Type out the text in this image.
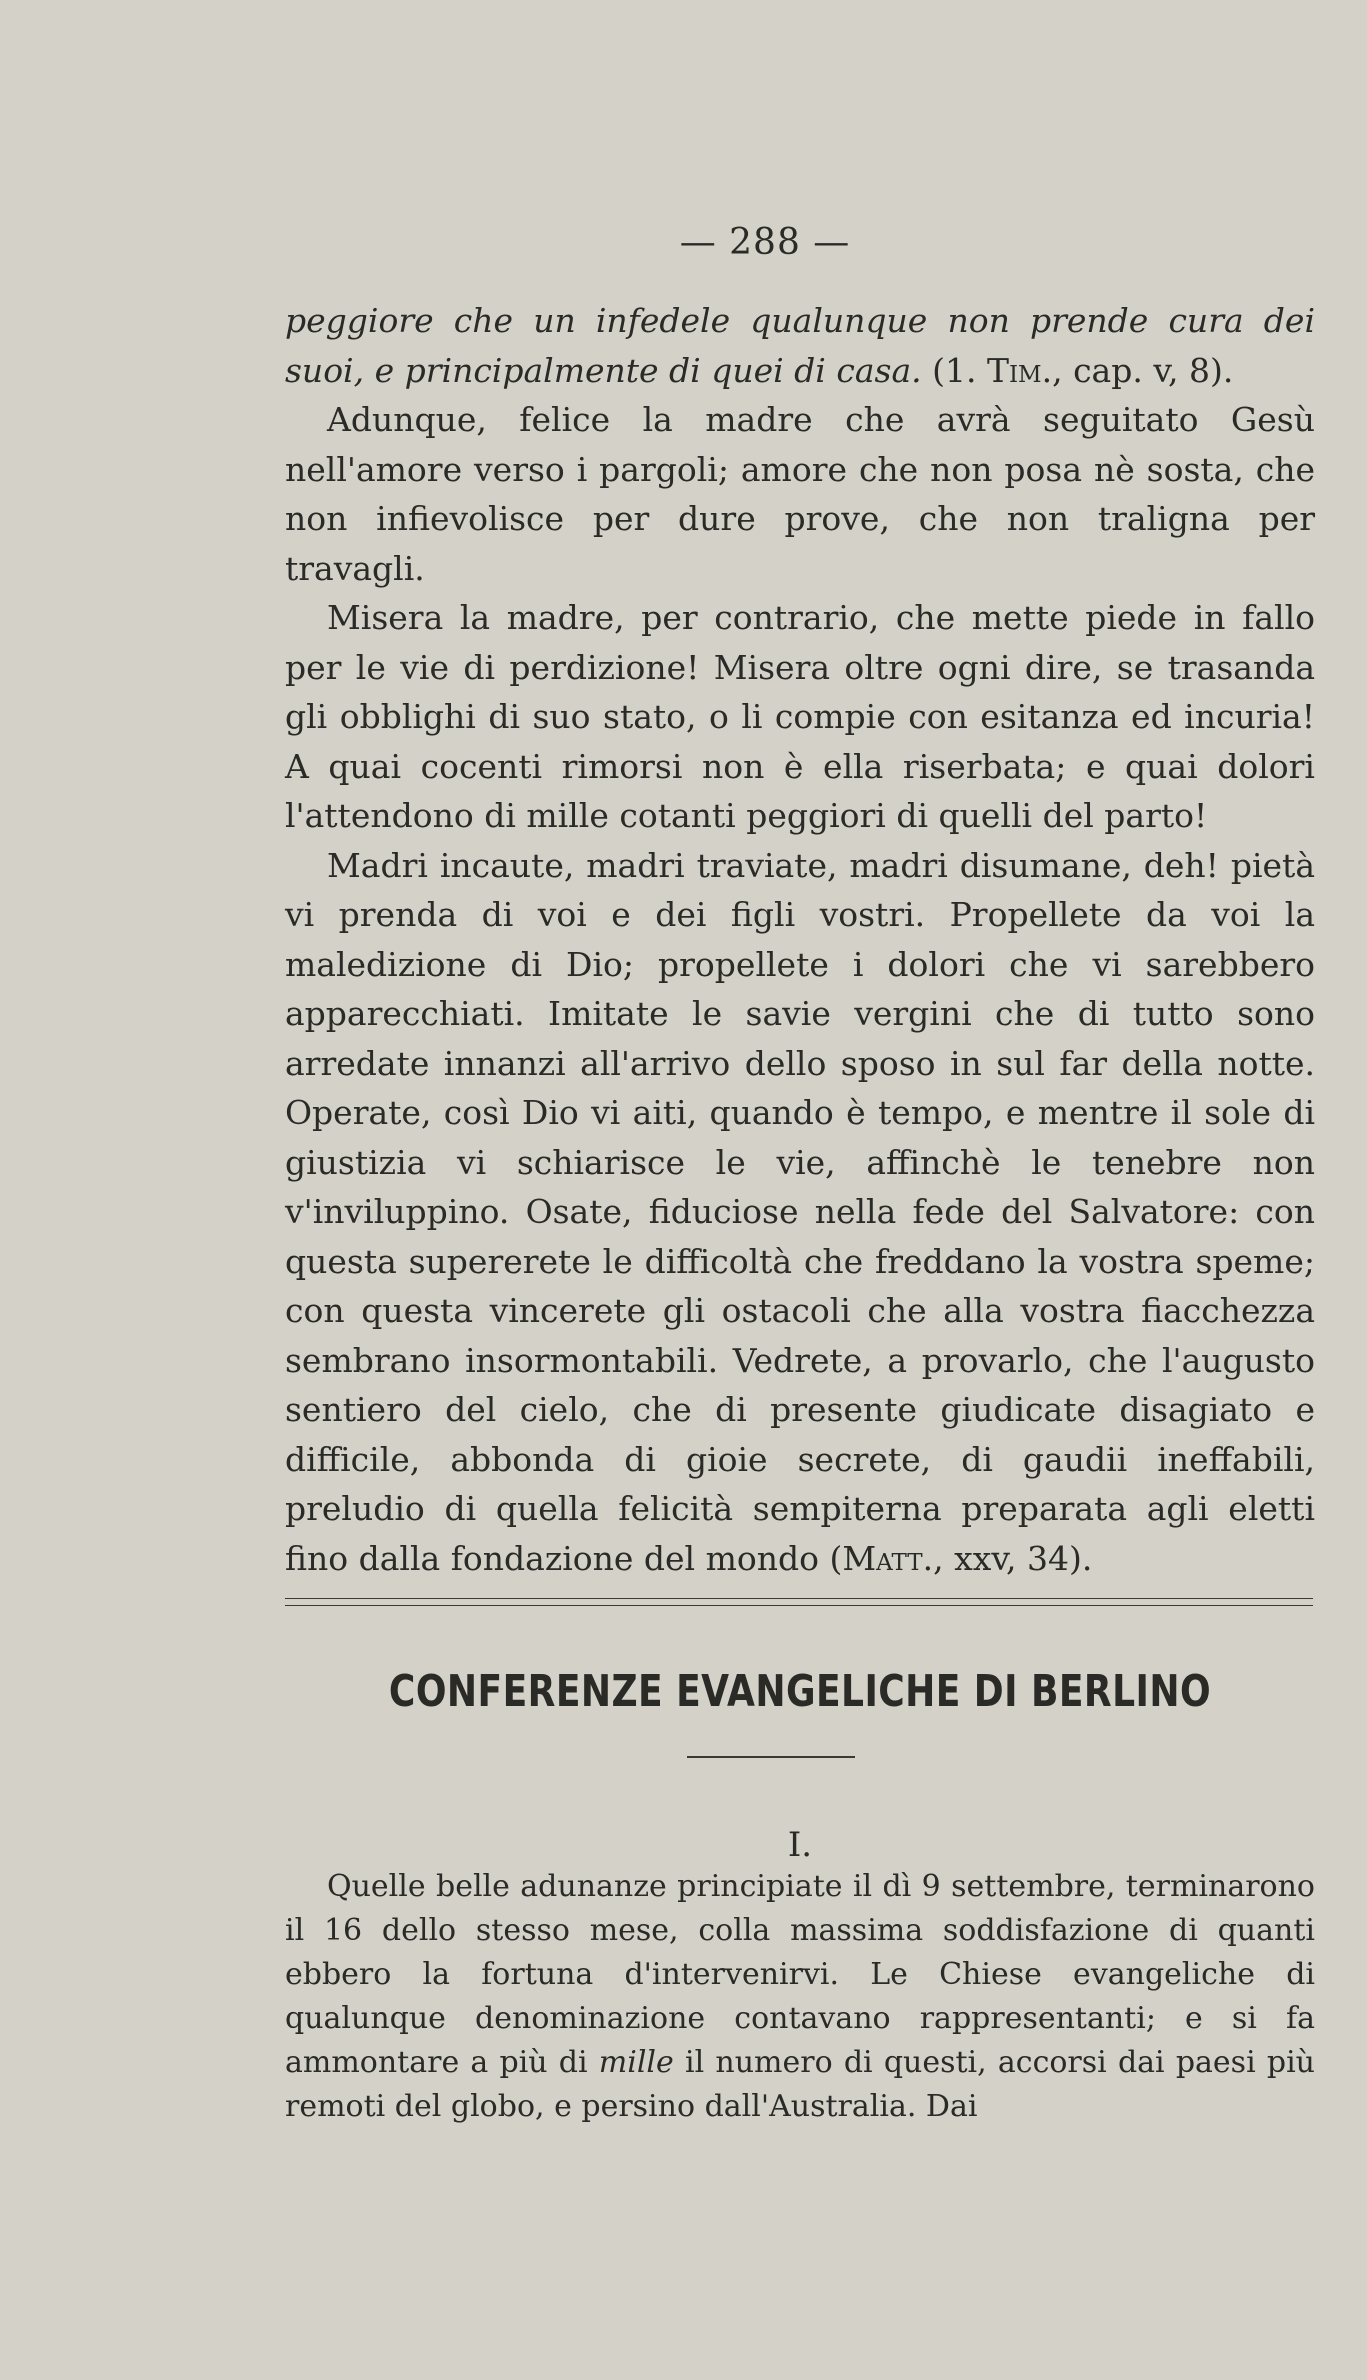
— 288 —

peggiore che un infedele qualunque non prende cura dei suoi, e principalmente di quei di casa. (1. Tim., cap. v, 8).

Adunque, felice la madre che avrà seguitato Gesù nell'amore verso i pargoli; amore che non posa nè sosta, che non infievolisce per dure prove, che non traligna per travagli.

Misera la madre, per contrario, che mette piede in fallo per le vie di perdizione! Misera oltre ogni dire, se trasanda gli obblighi di suo stato, o li compie con esitanza ed incuria! A quai cocenti rimorsi non è ella riserbata; e quai dolori l'attendono di mille cotanti peggiori di quelli del parto!

Madri incaute, madri traviate, madri disumane, deh! pietà vi prenda di voi e dei figli vostri. Propellete da voi la maledizione di Dio; propellete i dolori che vi sarebbero apparecchiati. Imitate le savie vergini che di tutto sono arredate innanzi all'arrivo dello sposo in sul far della notte. Operate, così Dio vi aiti, quando è tempo, e mentre il sole di giustizia vi schiarisce le vie, affinchè le tenebre non v'inviluppino. Osate, fiduciose nella fede del Salvatore: con questa supererete le difficoltà che freddano la vostra speme; con questa vincerete gli ostacoli che alla vostra fiacchezza sembrano insormontabili. Vedrete, a provarlo, che l'augusto sentiero del cielo, che di presente giudicate disagiato e difficile, abbonda di gioie secrete, di gaudii ineffabili, preludio di quella felicità sempiterna preparata agli eletti fino dalla fondazione del mondo (Matt., xxv, 34).

CONFERENZE EVANGELICHE DI BERLINO
I.

Quelle belle adunanze principiate il dì 9 settembre, terminarono il 16 dello stesso mese, colla massima soddisfazione di quanti ebbero la fortuna d'intervenirvi. Le Chiese evangeliche di qualunque denominazione contavano rappresentanti; e si fa ammontare a più di mille il numero di questi, accorsi dai paesi più remoti del globo, e persino dall'Australia. Dai
